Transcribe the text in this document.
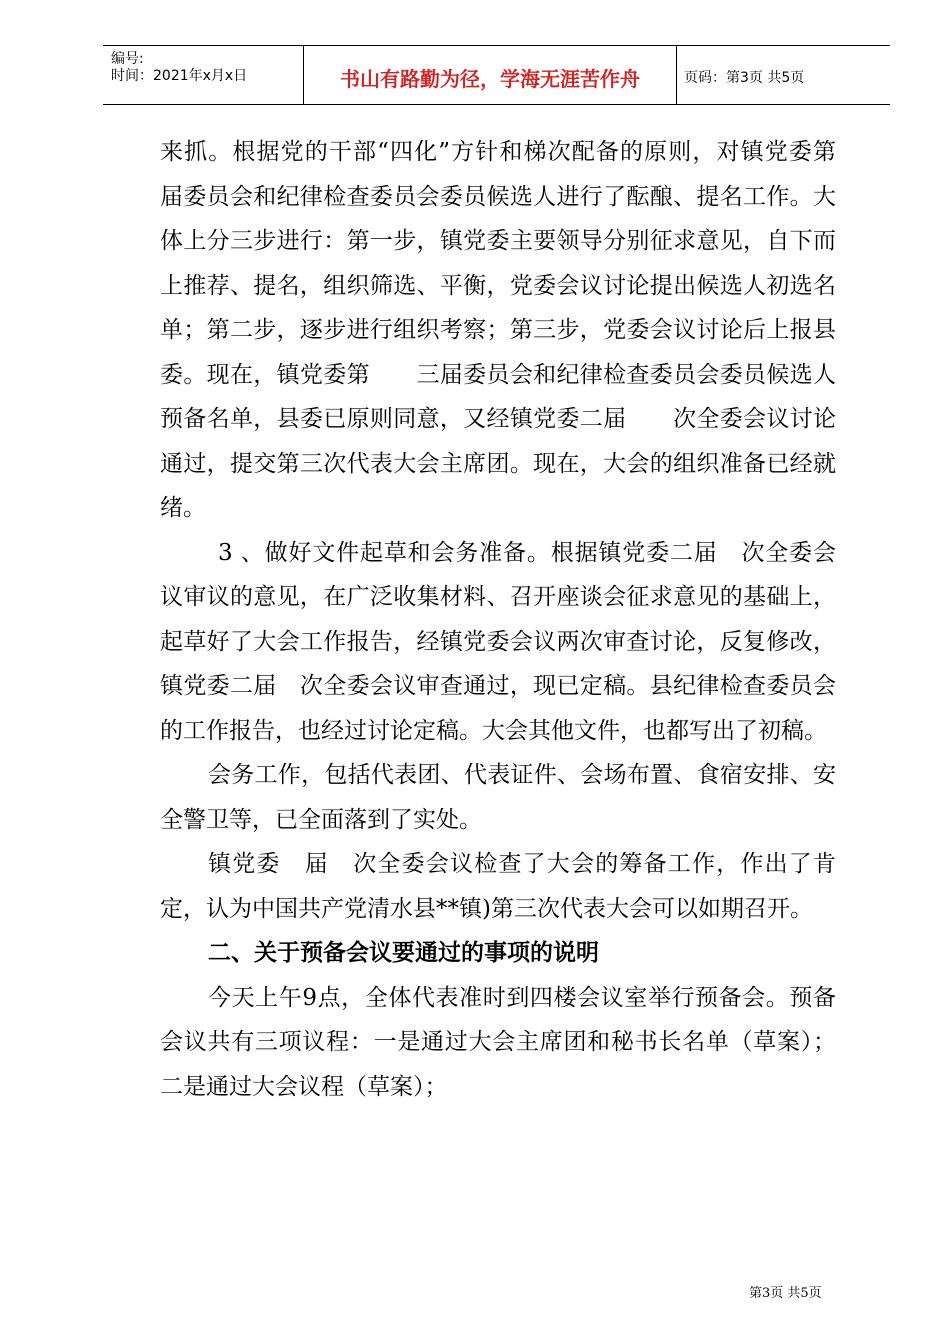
编号:
时间：2021年x月x日	书山有路勤为径，学海无涯苦作舟	页码：第3页 共5页

来抓。根据党的干部“四化”方针和梯次配备的原则，对镇党委第　届委员会和纪律检查委员会委员候选人进行了酝酿、提名工作。大体上分三步进行：第一步，镇党委主要领导分别征求意见，自下而上推荐、提名，组织筛选、平衡，党委会议讨论提出候选人初选名单；第二步，逐步进行组织考察；第三步，党委会议讨论后上报县委。现在，镇党委第　　三届委员会和纪律检查委员会委员候选人预备名单，县委已原则同意，又经镇党委二届　　次全委会议讨论通过，提交第三次代表大会主席团。现在，大会的组织准备已经就绪。

3 、做好文件起草和会务准备。根据镇党委二届　次全委会议审议的意见，在广泛收集材料、召开座谈会征求意见的基础上，起草好了大会工作报告，经镇党委会议两次审查讨论，反复修改，镇党委二届　次全委会议审查通过，现已定稿。县纪律检查委员会的工作报告，也经过讨论定稿。大会其他文件，也都写出了初稿。

会务工作，包括代表团、代表证件、会场布置、食宿安排、安全警卫等，已全面落到了实处。

镇党委　届　次全委会议检查了大会的筹备工作，作出了肯定，认为中国共产党清水县**镇)第三次代表大会可以如期召开。

二、关于预备会议要通过的事项的说明

今天上午9点，全体代表准时到四楼会议室举行预备会。预备会议共有三项议程：一是通过大会主席团和秘书长名单（草案）；二是通过大会议程（草案）；

第3页 共5页
